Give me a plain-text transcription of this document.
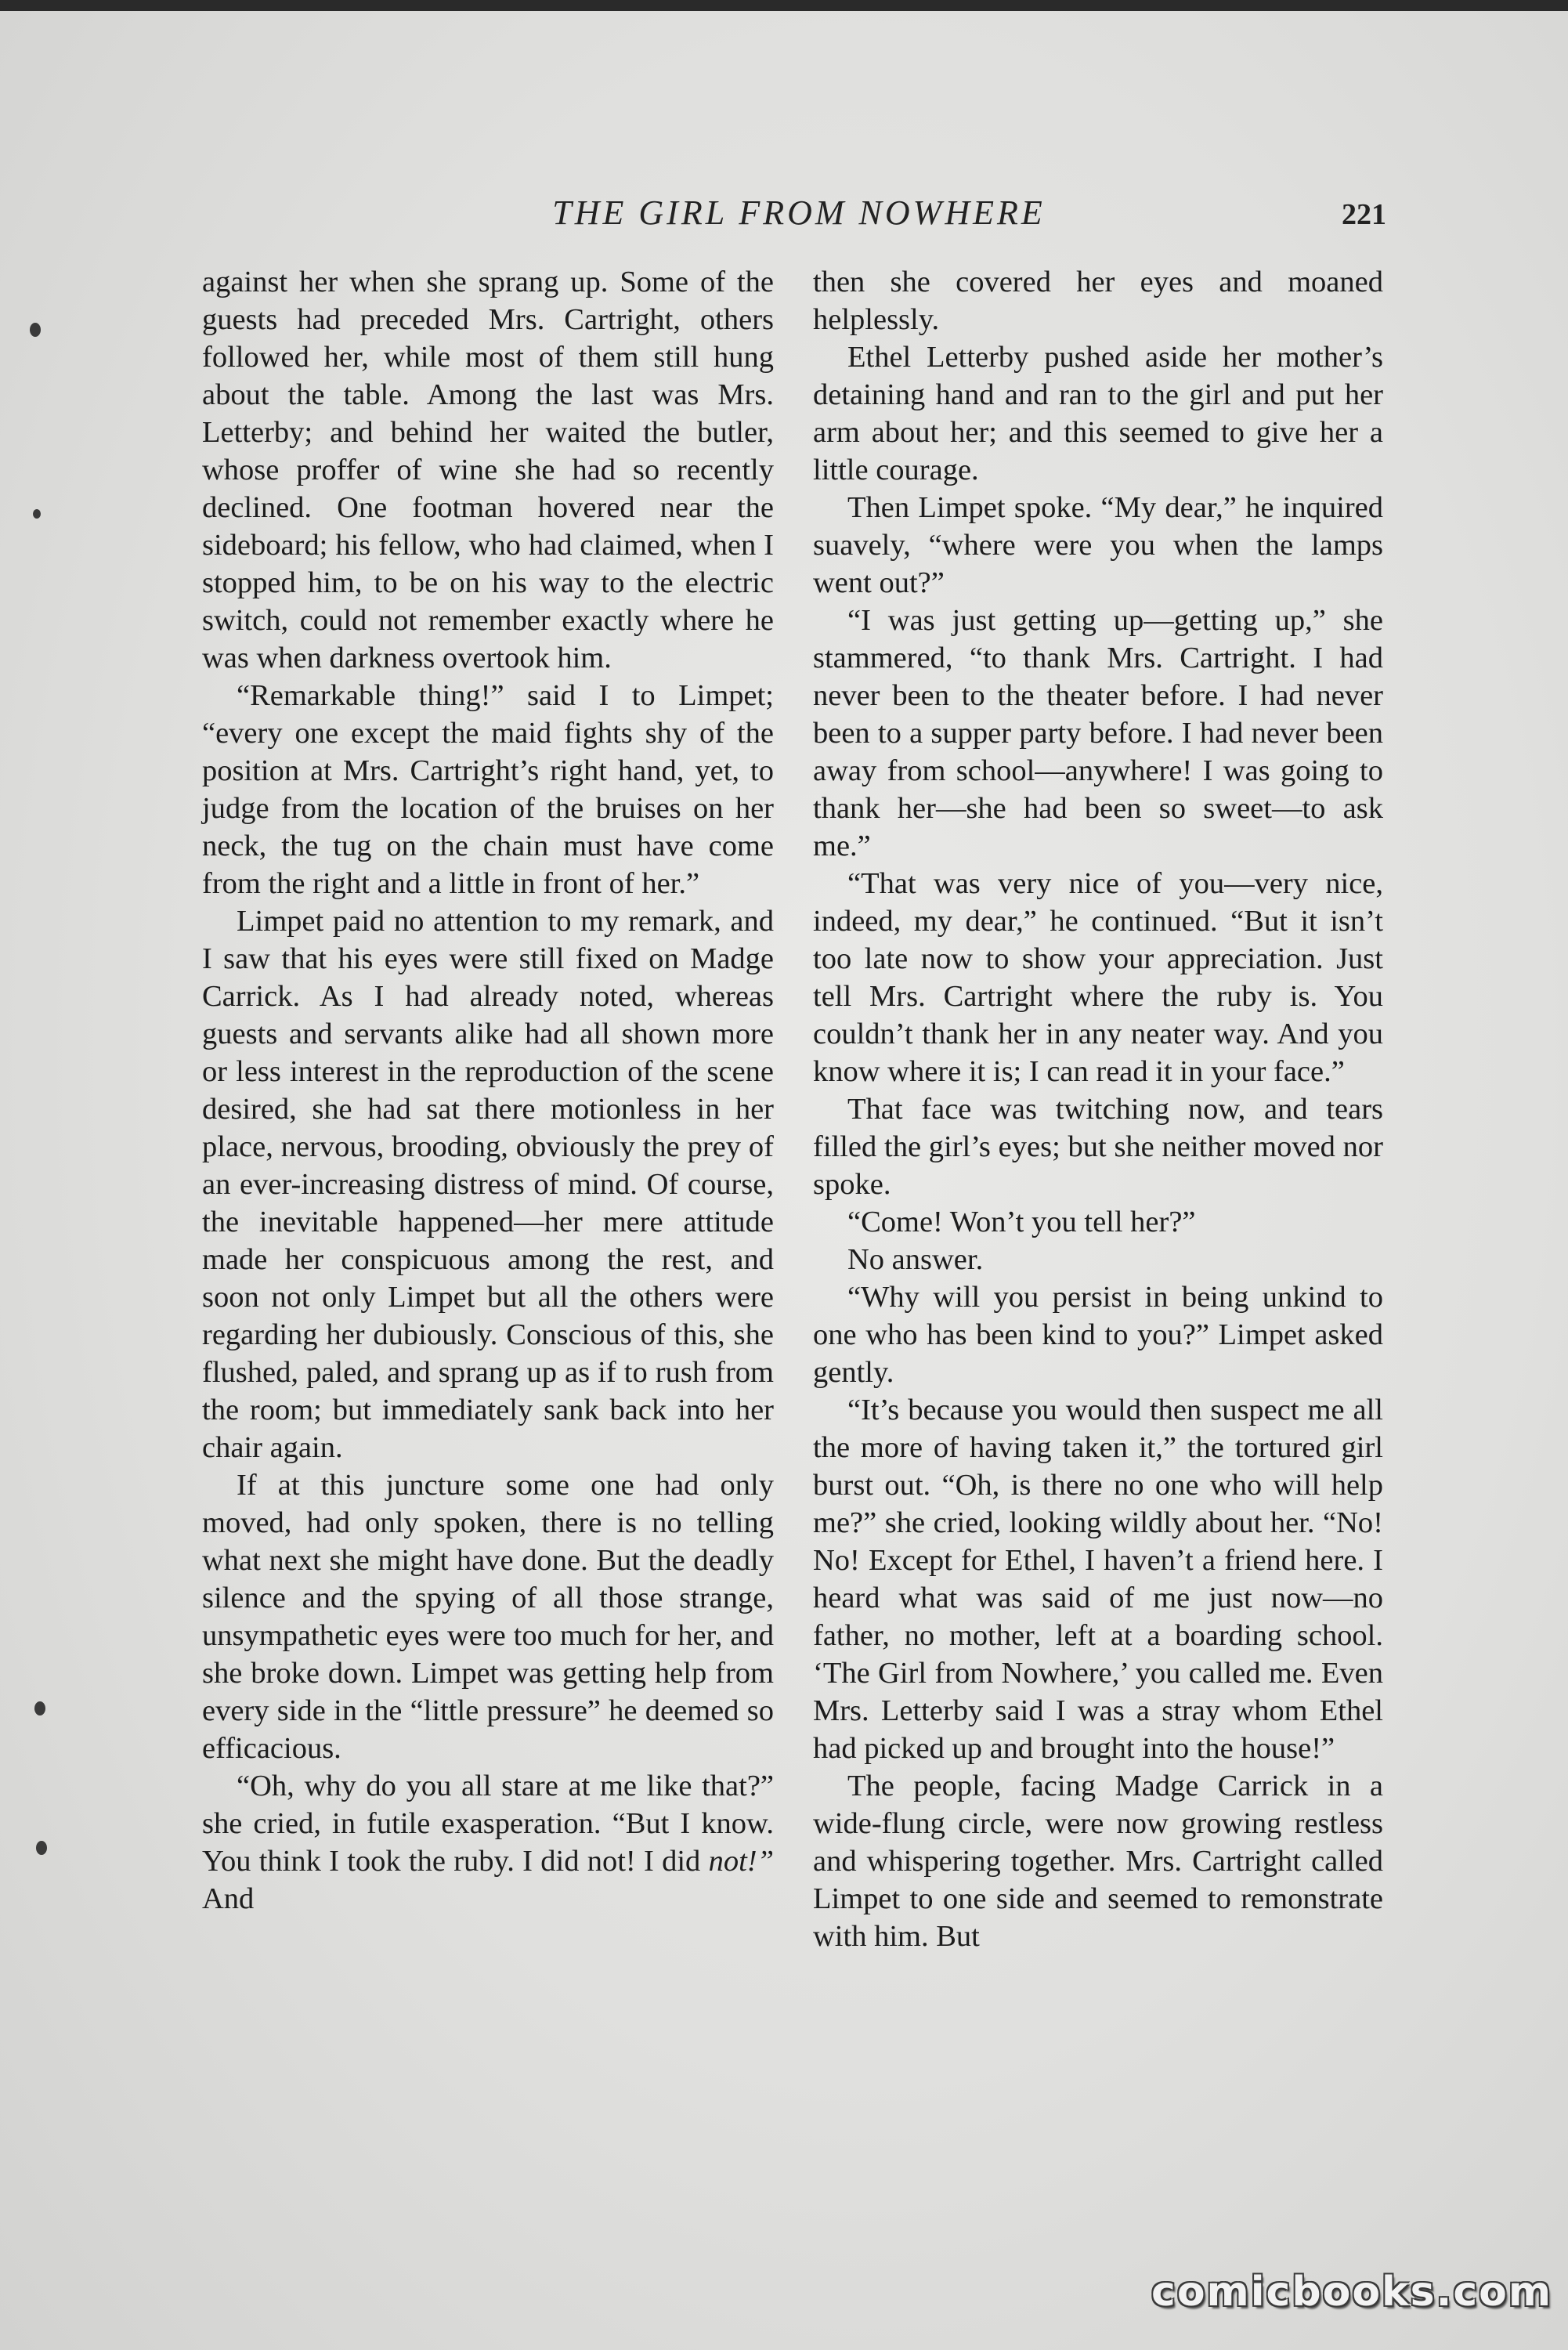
THE GIRL FROM NOWHERE	221

against her when she sprang up. Some of the guests had preceded Mrs. Cartright, others followed her, while most of them still hung about the table. Among the last was Mrs. Letterby; and behind her waited the butler, whose proffer of wine she had so recently declined. One footman hovered near the sideboard; his fellow, who had claimed, when I stopped him, to be on his way to the electric switch, could not remember exactly where he was when darkness overtook him.

“Remarkable thing!” said I to Limpet; “every one except the maid fights shy of the position at Mrs. Cartright’s right hand, yet, to judge from the location of the bruises on her neck, the tug on the chain must have come from the right and a little in front of her.”

Limpet paid no attention to my remark, and I saw that his eyes were still fixed on Madge Carrick. As I had already noted, whereas guests and servants alike had all shown more or less interest in the reproduction of the scene desired, she had sat there motionless in her place, nervous, brooding, obviously the prey of an ever-increasing distress of mind. Of course, the inevitable happened—her mere attitude made her conspicuous among the rest, and soon not only Limpet but all the others were regarding her dubiously. Conscious of this, she flushed, paled, and sprang up as if to rush from the room; but immediately sank back into her chair again.

If at this juncture some one had only moved, had only spoken, there is no telling what next she might have done. But the deadly silence and the spying of all those strange, unsympathetic eyes were too much for her, and she broke down. Limpet was getting help from every side in the “little pressure” he deemed so efficacious.

“Oh, why do you all stare at me like that?” she cried, in futile exasperation. “But I know. You think I took the ruby. I did not! I did not!” And

then she covered her eyes and moaned helplessly.

Ethel Letterby pushed aside her mother’s detaining hand and ran to the girl and put her arm about her; and this seemed to give her a little courage.

Then Limpet spoke. “My dear,” he inquired suavely, “where were you when the lamps went out?”

“I was just getting up—getting up,” she stammered, “to thank Mrs. Cartright. I had never been to the theater before. I had never been to a supper party before. I had never been away from school—anywhere! I was going to thank her—she had been so sweet—to ask me.”

“That was very nice of you—very nice, indeed, my dear,” he continued. “But it isn’t too late now to show your appreciation. Just tell Mrs. Cartright where the ruby is. You couldn’t thank her in any neater way. And you know where it is; I can read it in your face.”

That face was twitching now, and tears filled the girl’s eyes; but she neither moved nor spoke.

“Come! Won’t you tell her?”

No answer.

“Why will you persist in being unkind to one who has been kind to you?” Limpet asked gently.

“It’s because you would then suspect me all the more of having taken it,” the tortured girl burst out. “Oh, is there no one who will help me?” she cried, looking wildly about her. “No! No! Except for Ethel, I haven’t a friend here. I heard what was said of me just now—no father, no mother, left at a boarding school. ‘The Girl from Nowhere,’ you called me. Even Mrs. Letterby said I was a stray whom Ethel had picked up and brought into the house!”

The people, facing Madge Carrick in a wide-flung circle, were now growing restless and whispering together. Mrs. Cartright called Limpet to one side and seemed to remonstrate with him. But

comicbooks.com
